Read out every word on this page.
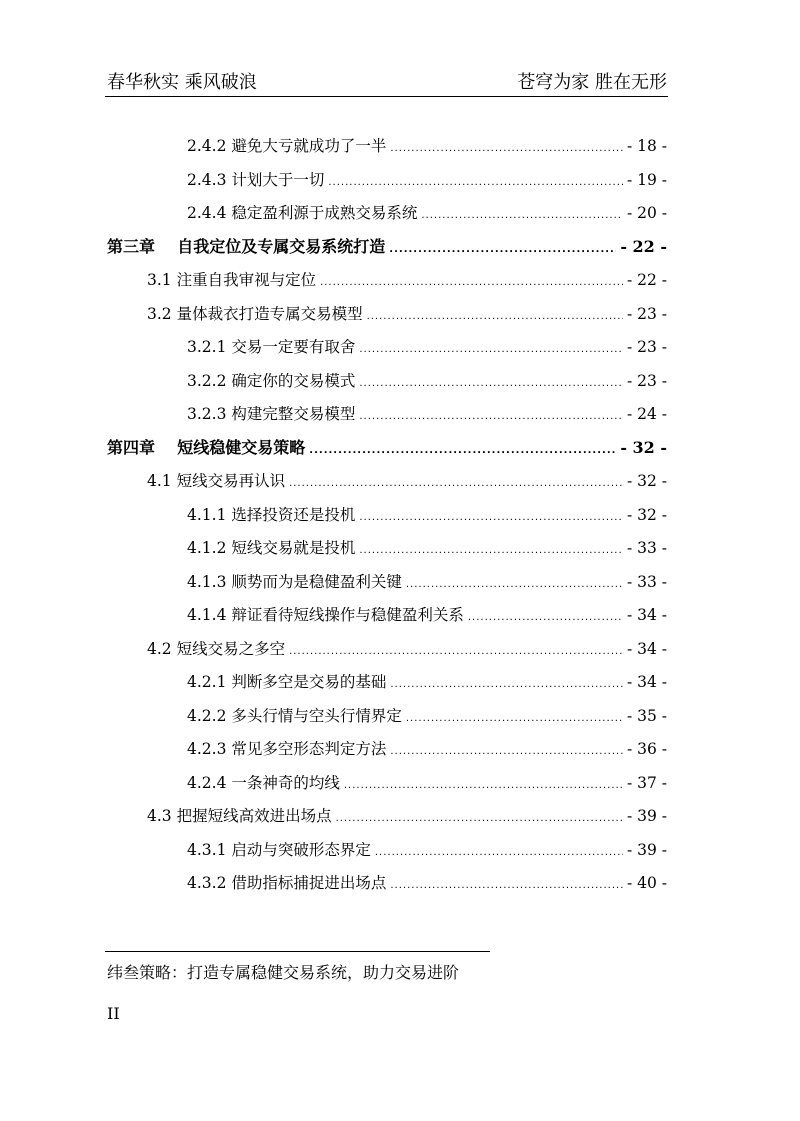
春华秋实 乘风破浪	苍穹为家 胜在无形
2.4.2 避免大亏就成功了一半 .....	- 18 -
2.4.3 计划大于一切 .....	- 19 -
2.4.4 稳定盈利源于成熟交易系统 .....	- 20 -
第三章    自我定位及专属交易系统打造 .....	- 22 -
3.1 注重自我审视与定位 .....	- 22 -
3.2 量体裁衣打造专属交易模型 .....	- 23 -
3.2.1 交易一定要有取舍 .....	- 23 -
3.2.2 确定你的交易模式 .....	- 23 -
3.2.3 构建完整交易模型 .....	- 24 -
第四章    短线稳健交易策略 .....	- 32 -
4.1 短线交易再认识 .....	- 32 -
4.1.1 选择投资还是投机 .....	- 32 -
4.1.2 短线交易就是投机 .....	- 33 -
4.1.3 顺势而为是稳健盈利关键 .....	- 33 -
4.1.4 辩证看待短线操作与稳健盈利关系 .....	- 34 -
4.2 短线交易之多空 .....	- 34 -
4.2.1 判断多空是交易的基础 .....	- 34 -
4.2.2 多头行情与空头行情界定 .....	- 35 -
4.2.3 常见多空形态判定方法 .....	- 36 -
4.2.4 一条神奇的均线 .....	- 37 -
4.3 把握短线高效进出场点 .....	- 39 -
4.3.1 启动与突破形态界定 .....	- 39 -
4.3.2 借助指标捕捉进出场点 .....	- 40 -
纬叁策略：打造专属稳健交易系统，助力交易进阶
II
